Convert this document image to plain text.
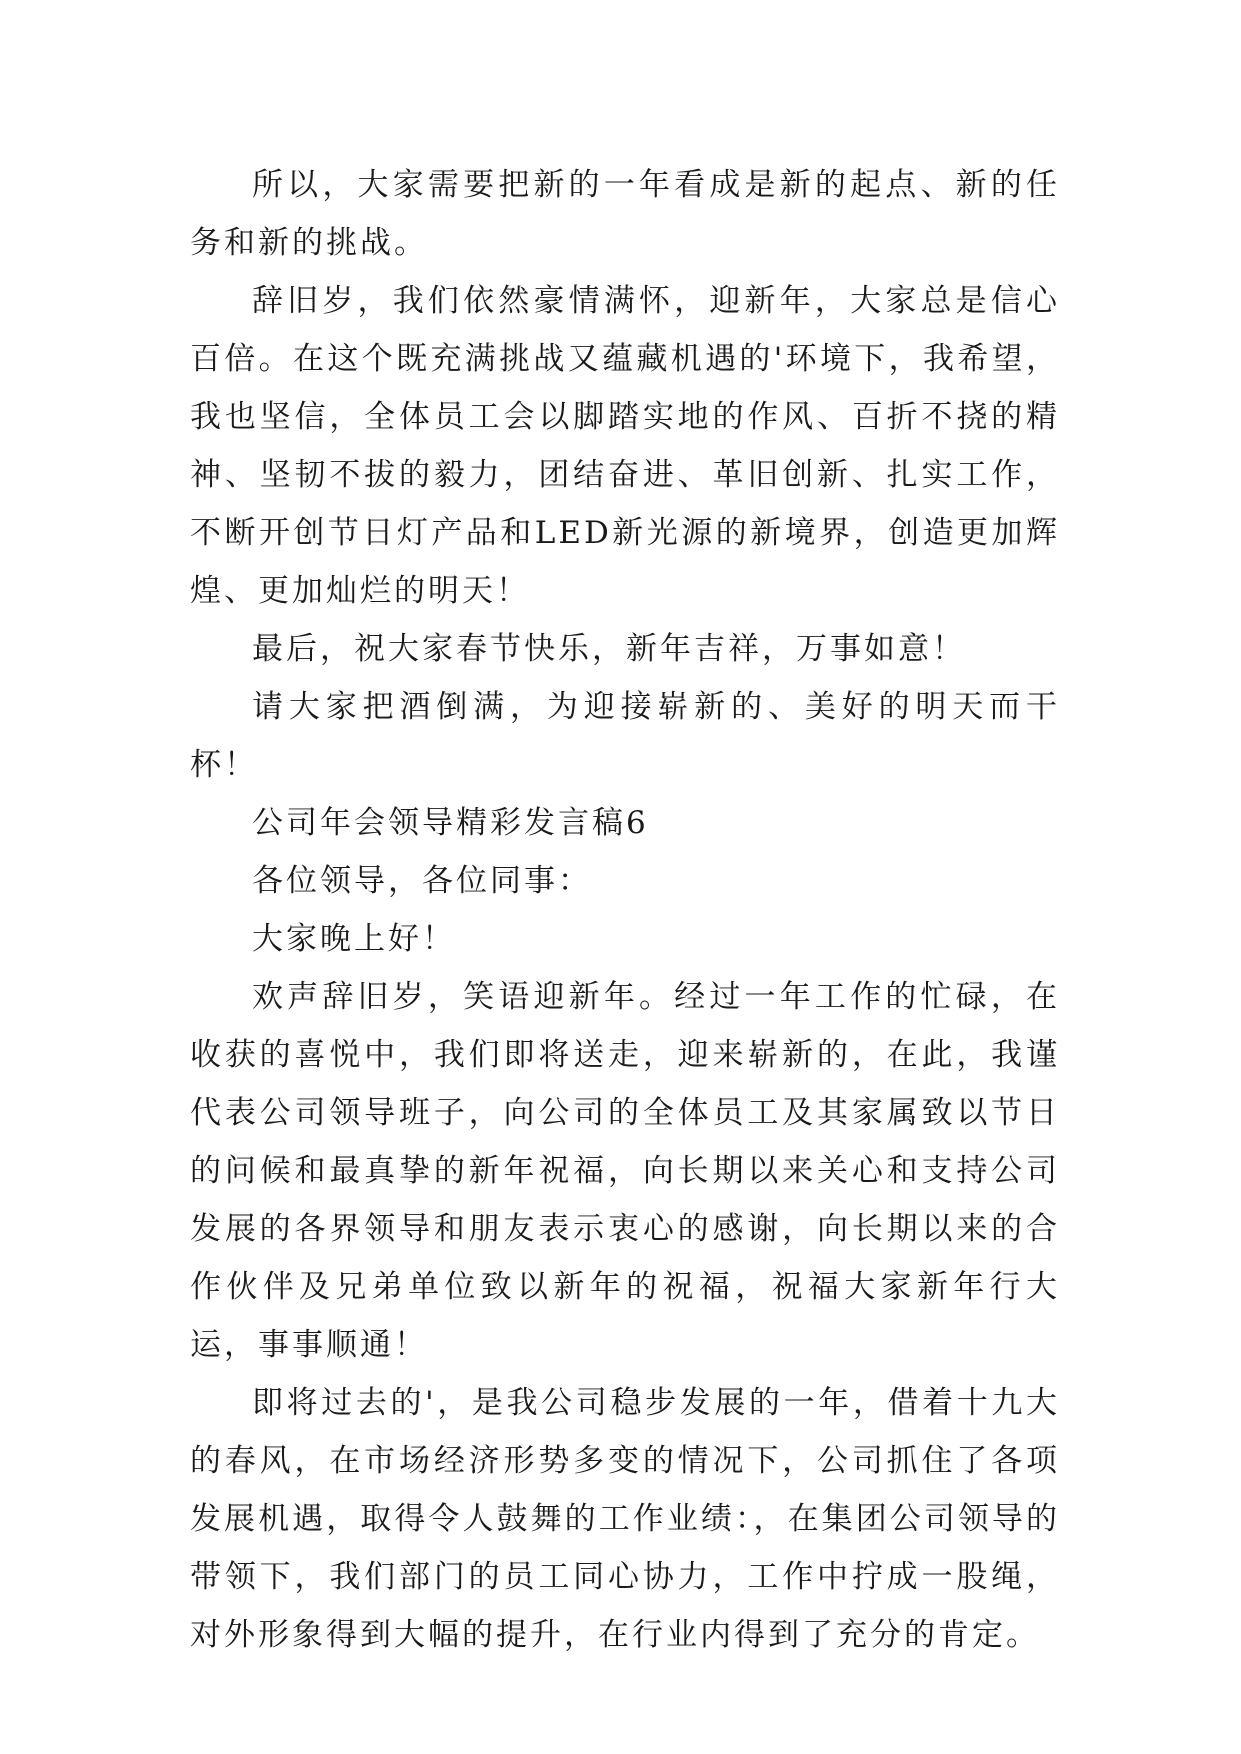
所以，大家需要把新的一年看成是新的起点、新的任务和新的挑战。

辞旧岁，我们依然豪情满怀，迎新年，大家总是信心百倍。在这个既充满挑战又蕴藏机遇的'环境下，我希望，我也坚信，全体员工会以脚踏实地的作风、百折不挠的精神、坚韧不拔的毅力，团结奋进、革旧创新、扎实工作，不断开创节日灯产品和LED新光源的新境界，创造更加辉煌、更加灿烂的明天！

最后，祝大家春节快乐，新年吉祥，万事如意！

请大家把酒倒满，为迎接崭新的、美好的明天而干杯！

公司年会领导精彩发言稿6

各位领导，各位同事：

大家晚上好！

欢声辞旧岁，笑语迎新年。经过一年工作的忙碌，在收获的喜悦中，我们即将送走，迎来崭新的，在此，我谨代表公司领导班子，向公司的全体员工及其家属致以节日的问候和最真挚的新年祝福，向长期以来关心和支持公司发展的各界领导和朋友表示衷心的感谢，向长期以来的合作伙伴及兄弟单位致以新年的祝福，祝福大家新年行大运，事事顺通！

即将过去的'，是我公司稳步发展的一年，借着十九大的春风，在市场经济形势多变的情况下，公司抓住了各项发展机遇，取得令人鼓舞的工作业绩：，在集团公司领导的带领下，我们部门的员工同心协力，工作中拧成一股绳，对外形象得到大幅的提升，在行业内得到了充分的肯定。
